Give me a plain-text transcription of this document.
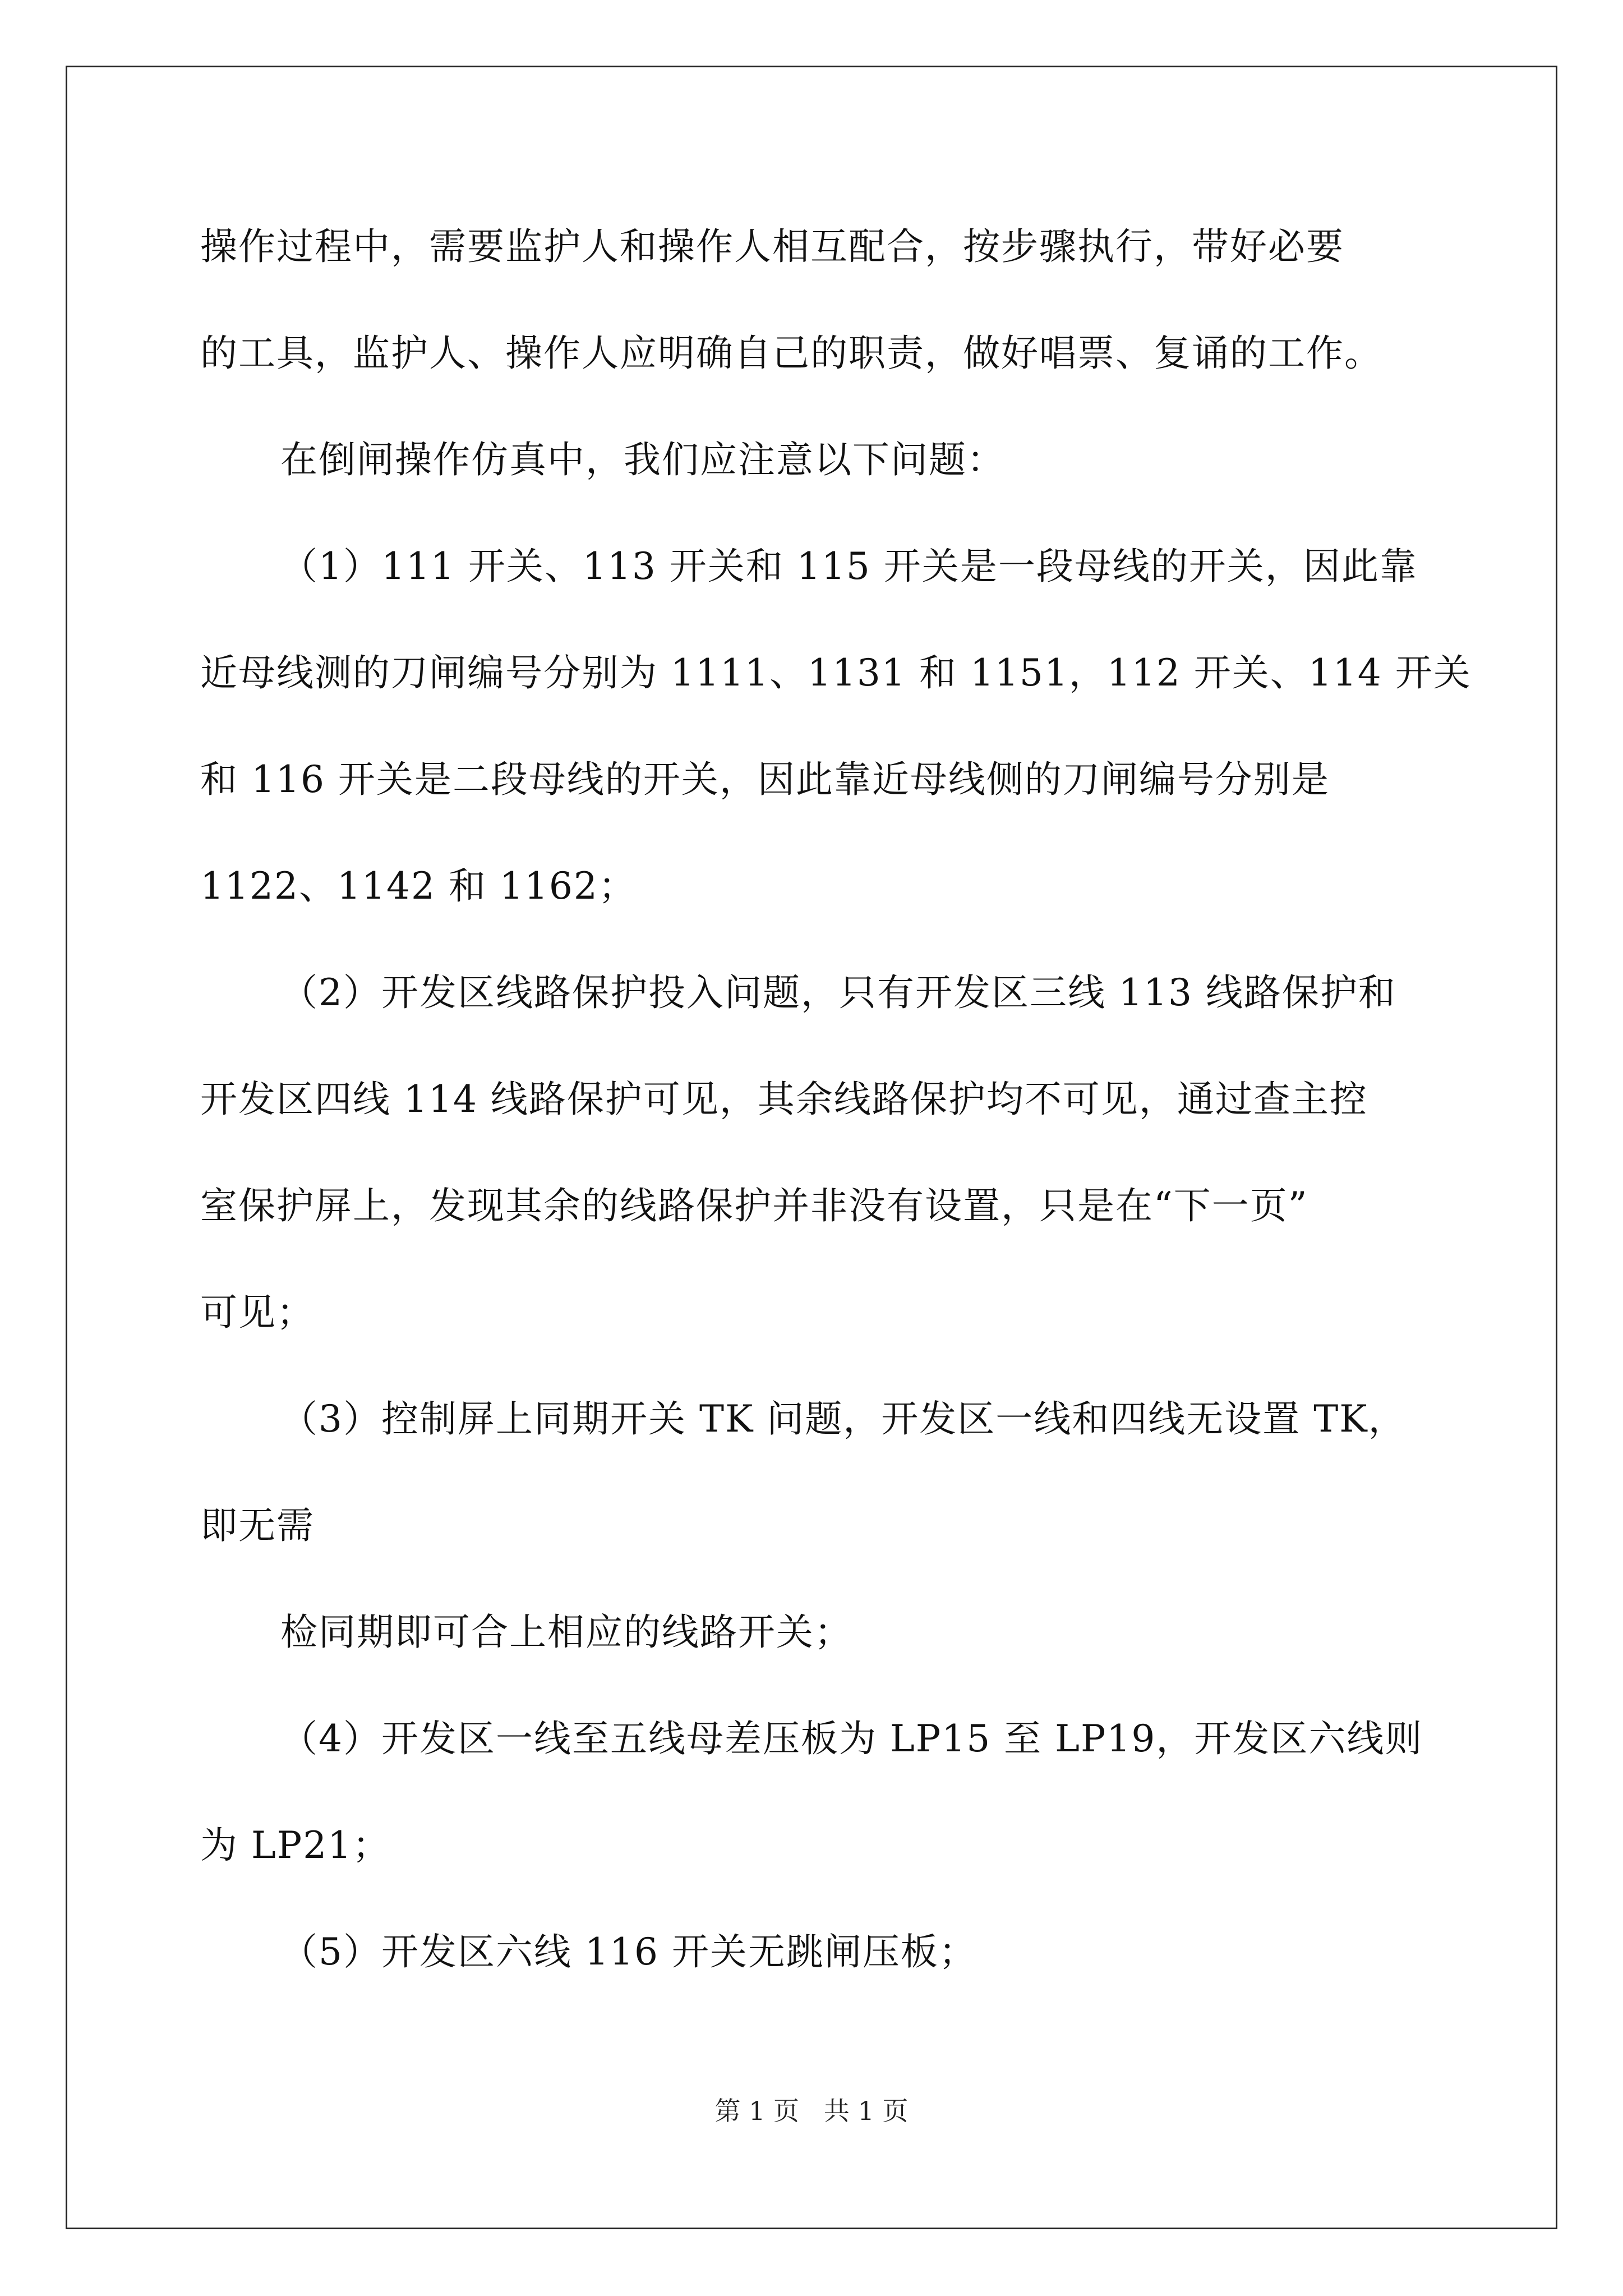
操作过程中，需要监护人和操作人相互配合，按步骤执行，带好必要
的工具，监护人、操作人应明确自己的职责，做好唱票、复诵的工作。
在倒闸操作仿真中，我们应注意以下问题：
（1）111 开关、113 开关和 115 开关是一段母线的开关，因此靠
近母线测的刀闸编号分别为 1111、1131 和 1151，112 开关、114 开关
和 116 开关是二段母线的开关，因此靠近母线侧的刀闸编号分别是
1122、1142 和 1162；
（2）开发区线路保护投入问题，只有开发区三线 113 线路保护和
开发区四线 114 线路保护可见，其余线路保护均不可见，通过查主控
室保护屏上，发现其余的线路保护并非没有设置，只是在“下一页”
可见；
（3）控制屏上同期开关 TK 问题，开发区一线和四线无设置 TK，
即无需
检同期即可合上相应的线路开关；
（4）开发区一线至五线母差压板为 LP15 至 LP19，开发区六线则
为 LP21；
（5）开发区六线 116 开关无跳闸压板；
第 1 页   共 1 页
